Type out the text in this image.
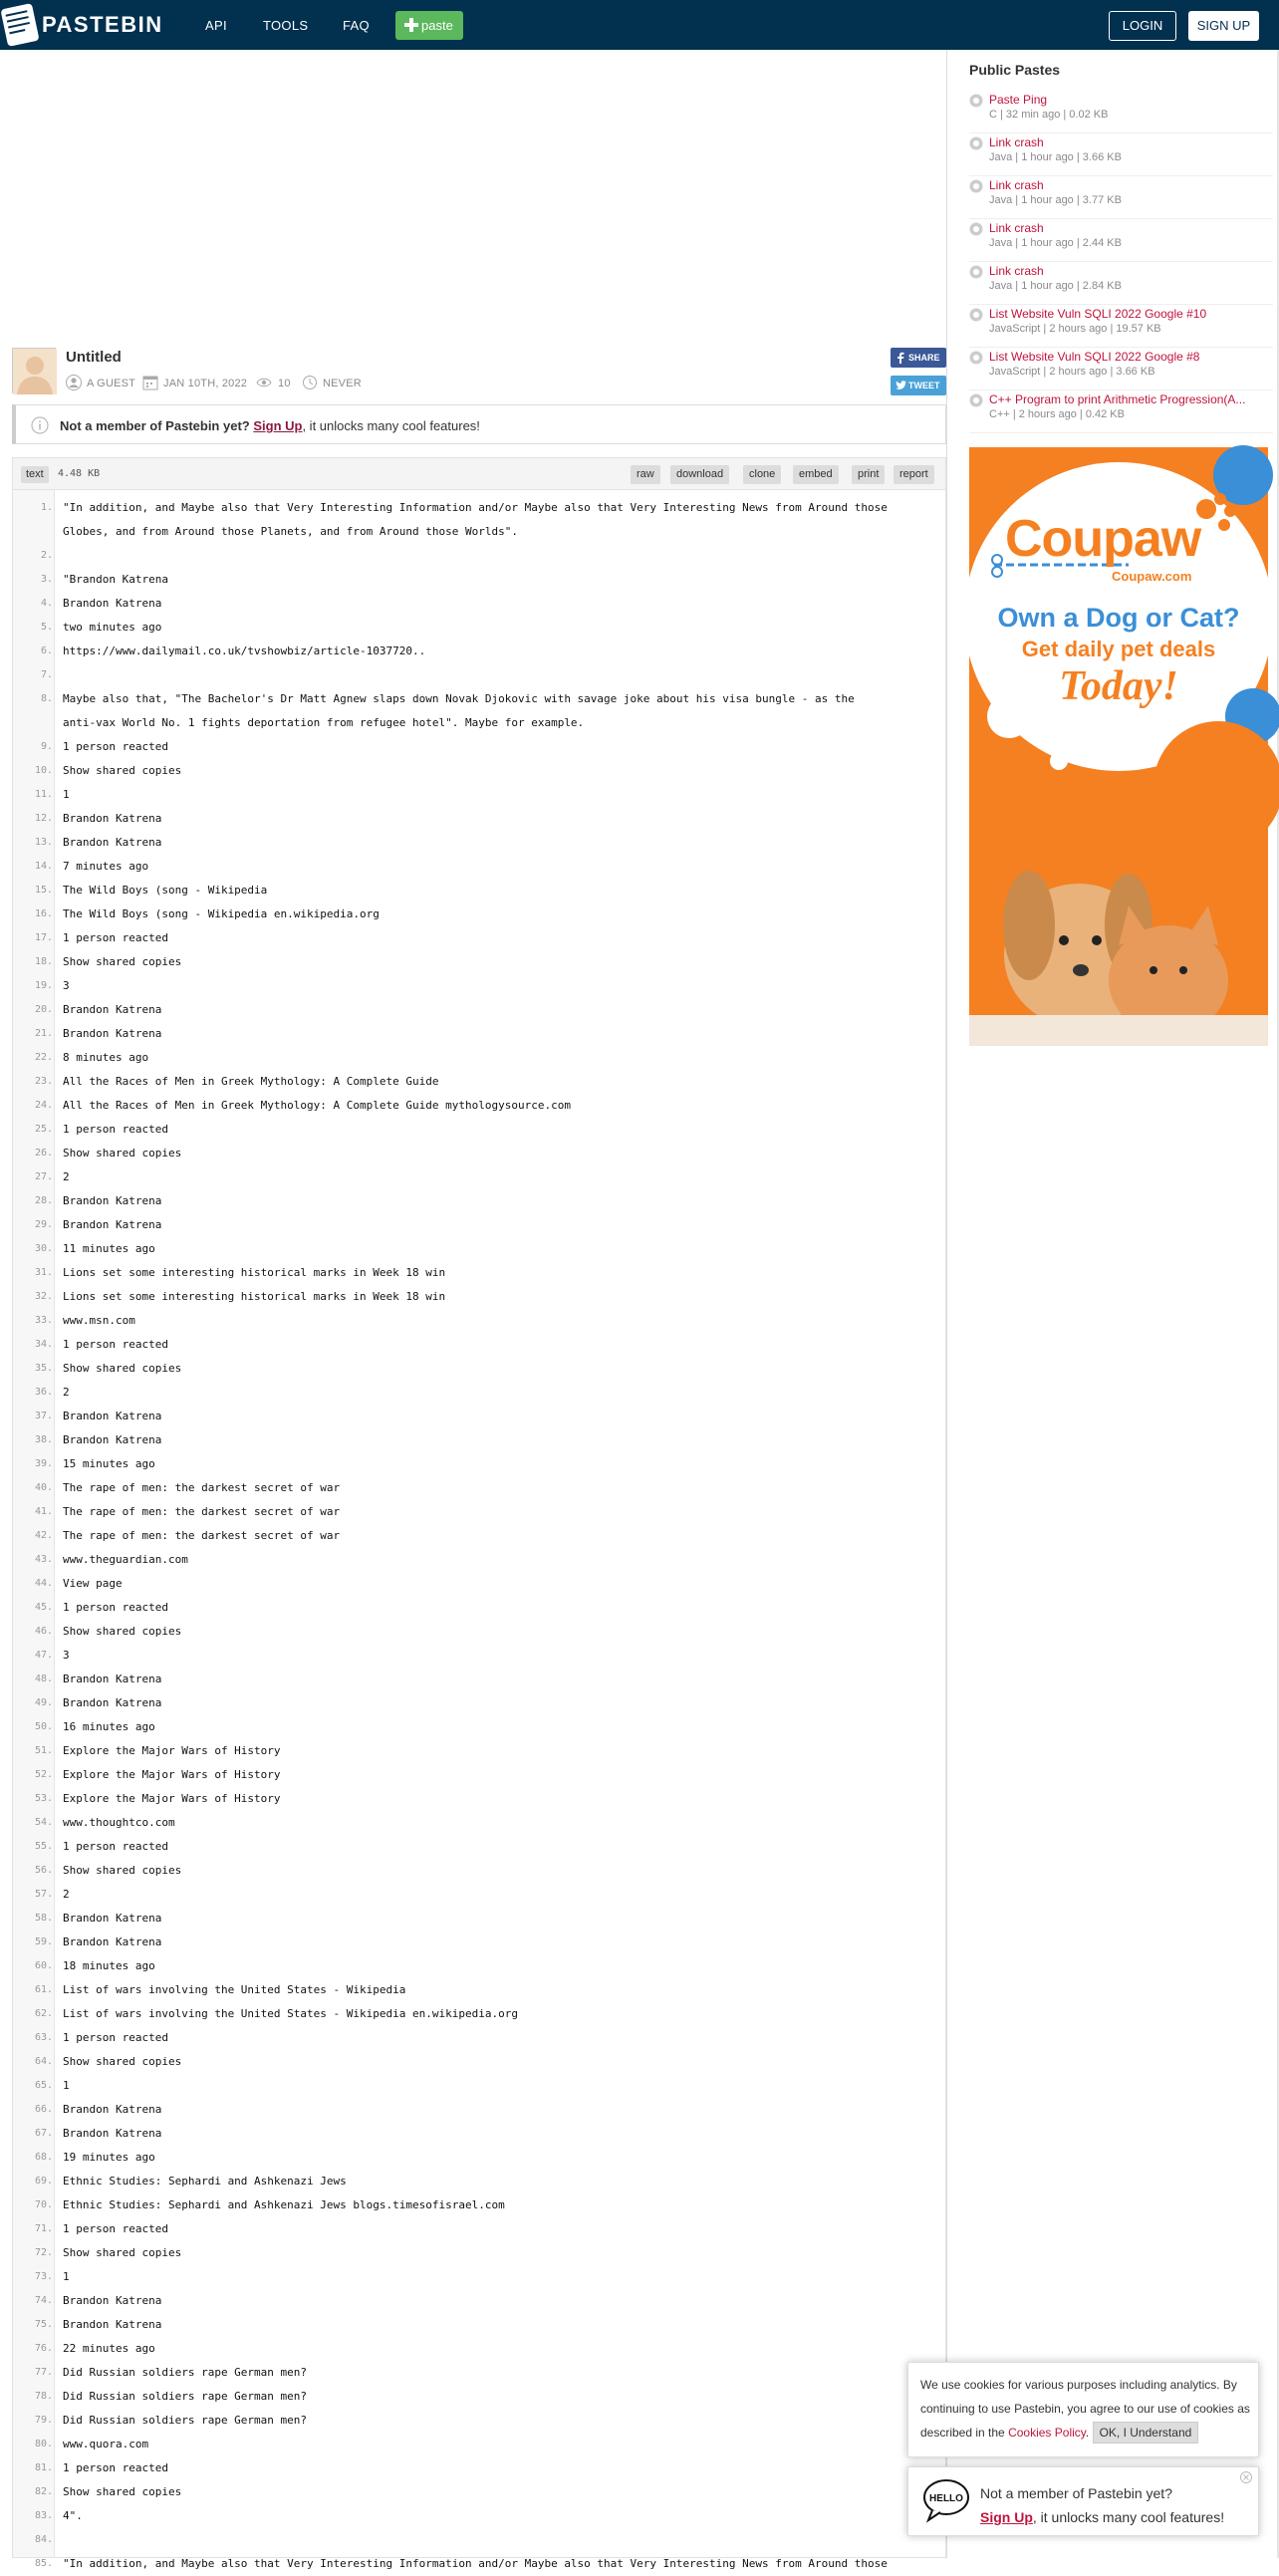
PASTEBIN	API	TOOLS	FAQ	paste	LOGIN	SIGN UP
Untitled
A GUEST	JAN 10TH, 2022	10	NEVER
SHARE
TWEET
Not a member of Pastebin yet? Sign Up, it unlocks many cool features!
text	4.48 KB	raw	download	clone	embed	print	report
1. "In addition, and Maybe also that Very Interesting Information and/or Maybe also that Very Interesting News from Around those
Globes, and from Around those Planets, and from Around those Worlds".
2.
3. "Brandon Katrena
4. Brandon Katrena
5. two minutes ago
6. https://www.dailymail.co.uk/tvshowbiz/article-1037720..
7.
8. Maybe also that, "The Bachelor's Dr Matt Agnew slaps down Novak Djokovic with savage joke about his visa bungle - as the
anti-vax World No. 1 fights deportation from refugee hotel". Maybe for example.
9. 1 person reacted
10. Show shared copies
11. 1
12. Brandon Katrena
13. Brandon Katrena
14. 7 minutes ago
15. The Wild Boys (song - Wikipedia
16. The Wild Boys (song - Wikipedia en.wikipedia.org
17. 1 person reacted
18. Show shared copies
19. 3
20. Brandon Katrena
21. Brandon Katrena
22. 8 minutes ago
23. All the Races of Men in Greek Mythology: A Complete Guide
24. All the Races of Men in Greek Mythology: A Complete Guide mythologysource.com
25. 1 person reacted
26. Show shared copies
27. 2
28. Brandon Katrena
29. Brandon Katrena
30. 11 minutes ago
31. Lions set some interesting historical marks in Week 18 win
32. Lions set some interesting historical marks in Week 18 win
33. www.msn.com
34. 1 person reacted
35. Show shared copies
36. 2
37. Brandon Katrena
38. Brandon Katrena
39. 15 minutes ago
40. The rape of men: the darkest secret of war
41. The rape of men: the darkest secret of war
42. The rape of men: the darkest secret of war
43. www.theguardian.com
44. View page
45. 1 person reacted
46. Show shared copies
47. 3
48. Brandon Katrena
49. Brandon Katrena
50. 16 minutes ago
51. Explore the Major Wars of History
52. Explore the Major Wars of History
53. Explore the Major Wars of History
54. www.thoughtco.com
55. 1 person reacted
56. Show shared copies
57. 2
58. Brandon Katrena
59. Brandon Katrena
60. 18 minutes ago
61. List of wars involving the United States - Wikipedia
62. List of wars involving the United States - Wikipedia en.wikipedia.org
63. 1 person reacted
64. Show shared copies
65. 1
66. Brandon Katrena
67. Brandon Katrena
68. 19 minutes ago
69. Ethnic Studies: Sephardi and Ashkenazi Jews
70. Ethnic Studies: Sephardi and Ashkenazi Jews blogs.timesofisrael.com
71. 1 person reacted
72. Show shared copies
73. 1
74. Brandon Katrena
75. Brandon Katrena
76. 22 minutes ago
77. Did Russian soldiers rape German men?
78. Did Russian soldiers rape German men?
79. Did Russian soldiers rape German men?
80. www.quora.com
81. 1 person reacted
82. Show shared copies
83. 4".
84.
85. "In addition, and Maybe also that Very Interesting Information and/or Maybe also that Very Interesting News from Around those
Public Pastes
Paste Ping
C | 32 min ago | 0.02 KB
Link crash
Java | 1 hour ago | 3.66 KB
Link crash
Java | 1 hour ago | 3.77 KB
Link crash
Java | 1 hour ago | 2.44 KB
Link crash
Java | 1 hour ago | 2.84 KB
List Website Vuln SQLI 2022 Google #10
JavaScript | 2 hours ago | 19.57 KB
List Website Vuln SQLI 2022 Google #8
JavaScript | 2 hours ago | 3.66 KB
C++ Program to print Arithmetic Progression(A...
C++ | 2 hours ago | 0.42 KB
Coupaw
Coupaw.com
Own a Dog or Cat?
Get daily pet deals
Today!
We use cookies for various purposes including analytics. By continuing to use Pastebin, you agree to our use of cookies as described in the Cookies Policy. OK, I Understand
HELLO Not a member of Pastebin yet?
Sign Up, it unlocks many cool features!
